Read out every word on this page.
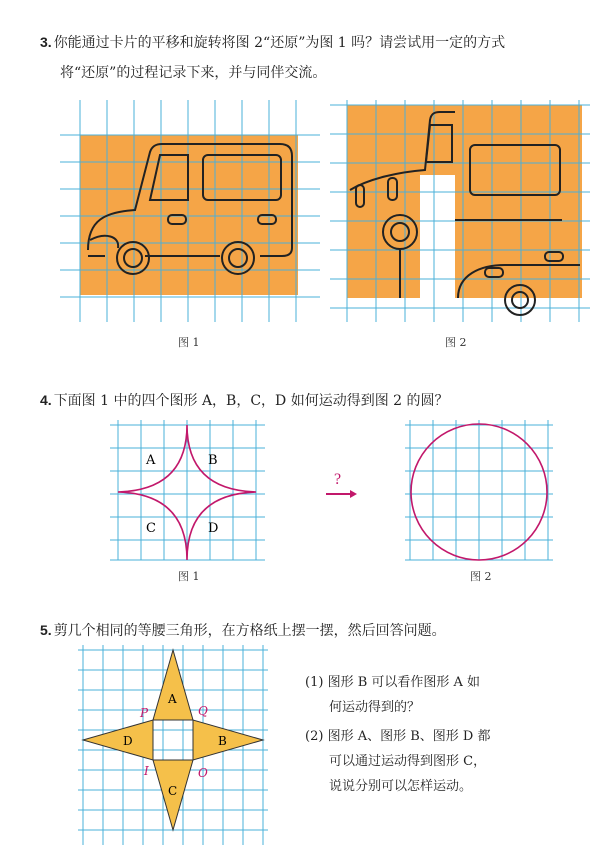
3. 你能通过卡片的平移和旋转将图 2“还原”为图 1 吗？请尝试用一定的方式
将“还原”的过程记录下来，并与同伴交流。
图 1	图 2
4. 下面图 1 中的四个图形 A，B，C，D 如何运动得到图 2 的圆？
A	B
C	D
图 1
?
图 2
5. 剪几个相同的等腰三角形，在方格纸上摆一摆，然后回答问题。
A
B
C
D
P	Q
I	O
(1) 图形 B 可以看作图形 A 如
何运动得到的？
(2) 图形 A、图形 B、图形 D 都
可以通过运动得到图形 C，
说说分别可以怎样运动。
